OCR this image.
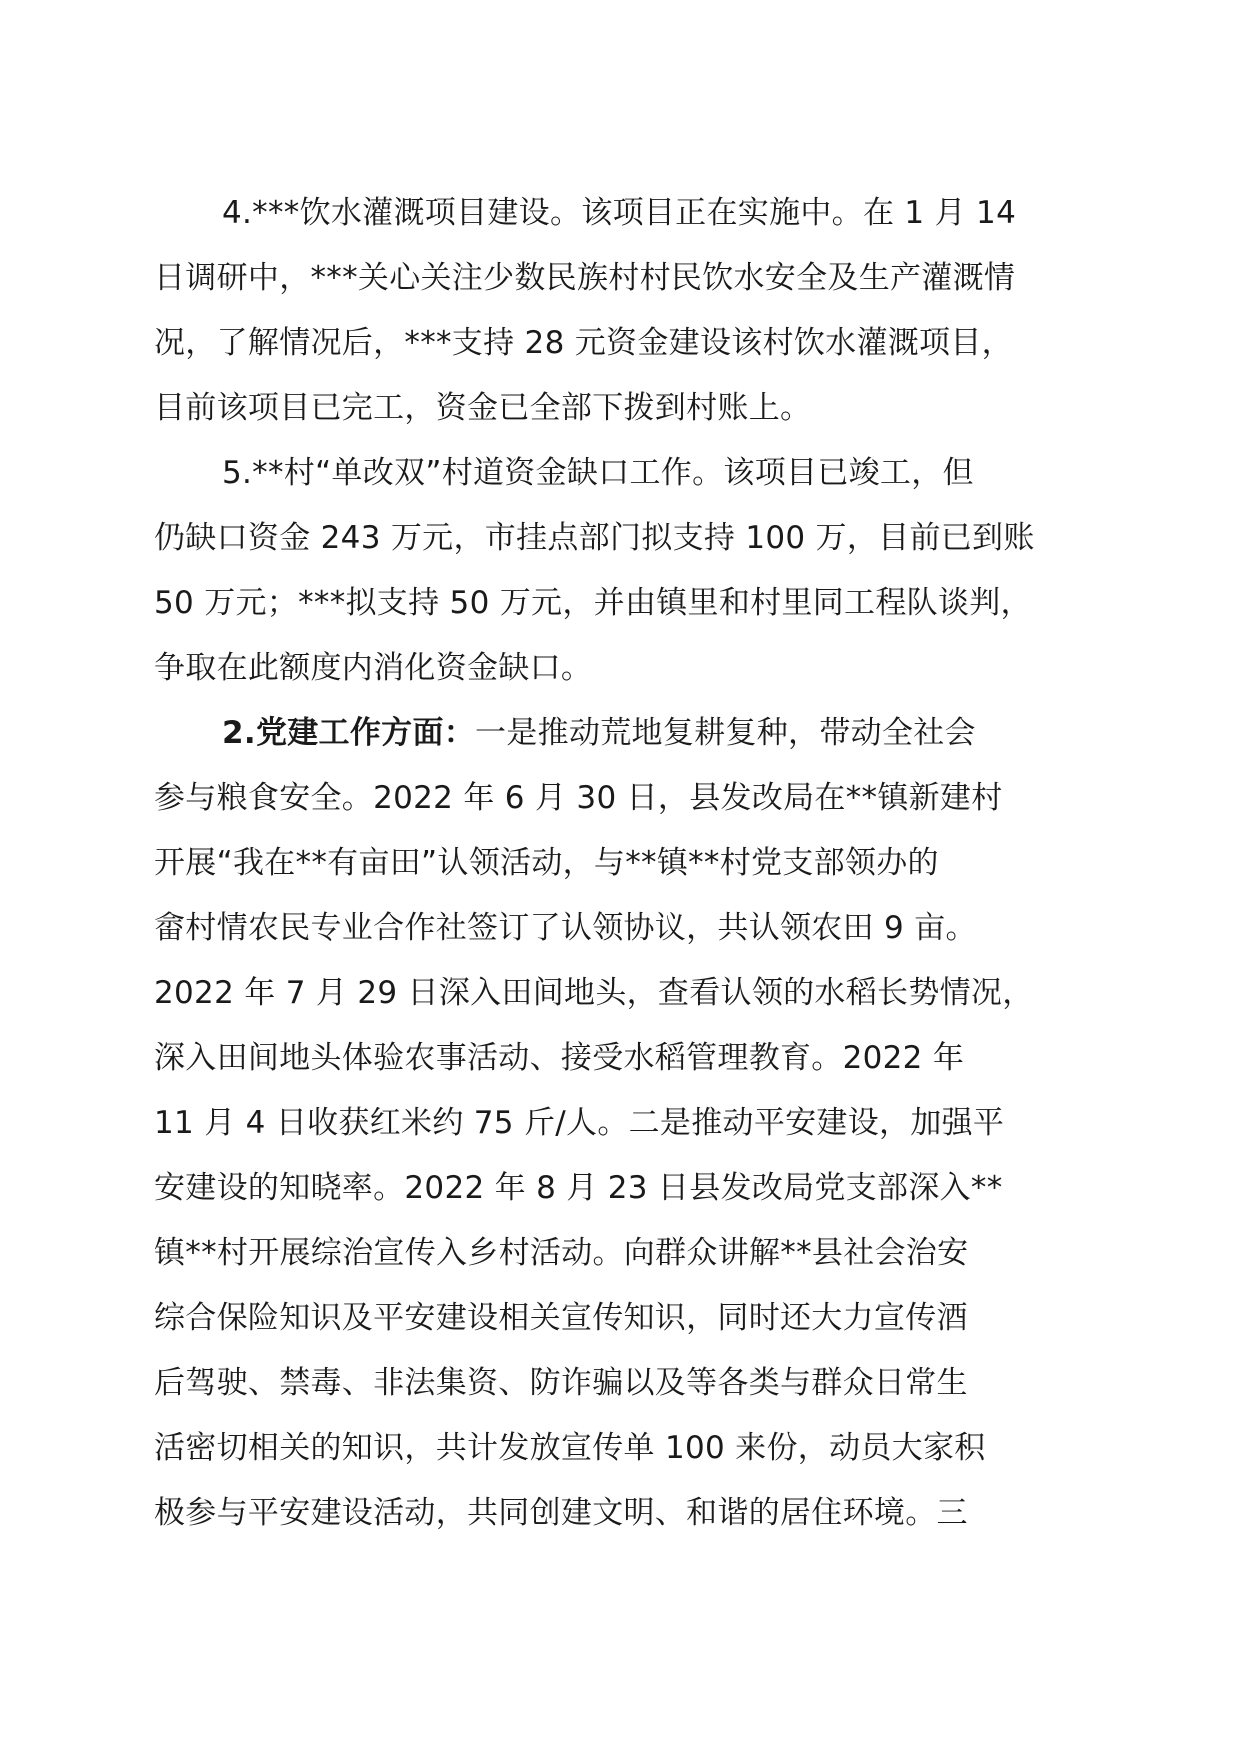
4.***饮水灌溉项目建设。该项目正在实施中。在 1 月 14
日调研中，***关心关注少数民族村村民饮水安全及生产灌溉情
况，了解情况后，***支持 28 元资金建设该村饮水灌溉项目，
目前该项目已完工，资金已全部下拨到村账上。
5.**村“单改双”村道资金缺口工作。该项目已竣工，但
仍缺口资金 243 万元，市挂点部门拟支持 100 万，目前已到账
50 万元；***拟支持 50 万元，并由镇里和村里同工程队谈判，
争取在此额度内消化资金缺口。
2.党建工作方面：一是推动荒地复耕复种，带动全社会
参与粮食安全。2022 年 6 月 30 日，县发改局在**镇新建村
开展“我在**有亩田”认领活动，与**镇**村党支部领办的
畲村情农民专业合作社签订了认领协议，共认领农田 9 亩。
2022 年 7 月 29 日深入田间地头，查看认领的水稻长势情况，
深入田间地头体验农事活动、接受水稻管理教育。2022 年
11 月 4 日收获红米约 75 斤/人。二是推动平安建设，加强平
安建设的知晓率。2022 年 8 月 23 日县发改局党支部深入**
镇**村开展综治宣传入乡村活动。向群众讲解**县社会治安
综合保险知识及平安建设相关宣传知识，同时还大力宣传酒
后驾驶、禁毒、非法集资、防诈骗以及等各类与群众日常生
活密切相关的知识，共计发放宣传单 100 来份，动员大家积
极参与平安建设活动，共同创建文明、和谐的居住环境。三
